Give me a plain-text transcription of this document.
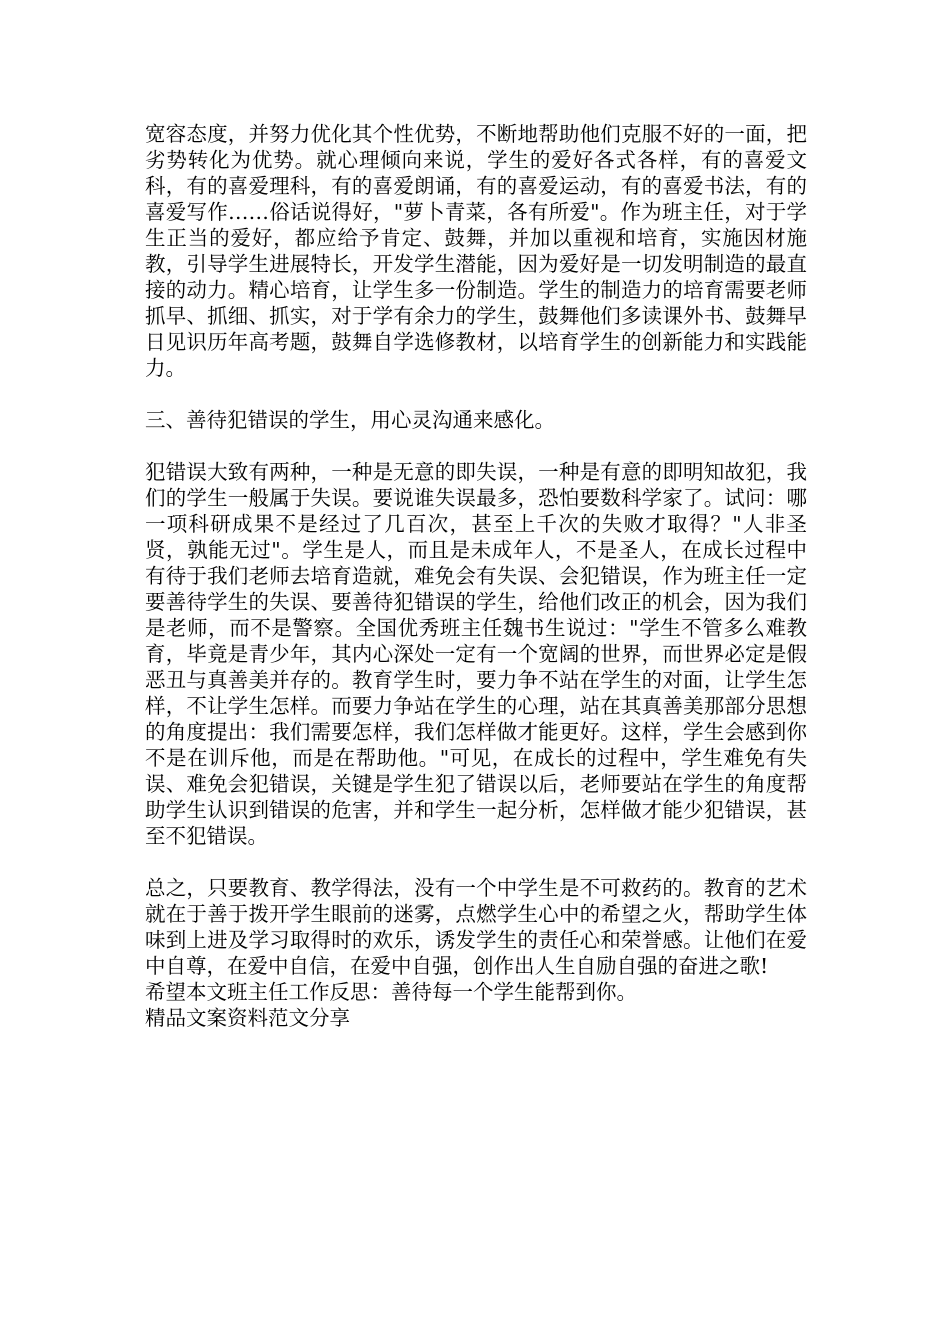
宽容态度，并努力优化其个性优势，不断地帮助他们克服不好的一面，把劣势转化为优势。就心理倾向来说，学生的爱好各式各样，有的喜爱文科，有的喜爱理科，有的喜爱朗诵，有的喜爱运动，有的喜爱书法，有的喜爱写作……俗话说得好，"萝卜青菜，各有所爱"。作为班主任，对于学生正当的爱好，都应给予肯定、鼓舞，并加以重视和培育，实施因材施教，引导学生进展特长，开发学生潜能，因为爱好是一切发明制造的最直接的动力。精心培育，让学生多一份制造。学生的制造力的培育需要老师抓早、抓细、抓实，对于学有余力的学生，鼓舞他们多读课外书、鼓舞早日见识历年高考题，鼓舞自学选修教材，以培育学生的创新能力和实践能力。

三、善待犯错误的学生，用心灵沟通来感化。

犯错误大致有两种，一种是无意的即失误，一种是有意的即明知故犯，我们的学生一般属于失误。要说谁失误最多，恐怕要数科学家了。试问：哪一项科研成果不是经过了几百次，甚至上千次的失败才取得？"人非圣贤，孰能无过"。学生是人，而且是未成年人，不是圣人，在成长过程中有待于我们老师去培育造就，难免会有失误、会犯错误，作为班主任一定要善待学生的失误、要善待犯错误的学生，给他们改正的机会，因为我们是老师，而不是警察。全国优秀班主任魏书生说过："学生不管多么难教育，毕竟是青少年，其内心深处一定有一个宽阔的世界，而世界必定是假恶丑与真善美并存的。教育学生时，要力争不站在学生的对面，让学生怎样，不让学生怎样。而要力争站在学生的心理，站在其真善美那部分思想的角度提出：我们需要怎样，我们怎样做才能更好。这样，学生会感到你不是在训斥他，而是在帮助他。"可见，在成长的过程中，学生难免有失误、难免会犯错误，关键是学生犯了错误以后，老师要站在学生的角度帮助学生认识到错误的危害，并和学生一起分析，怎样做才能少犯错误，甚至不犯错误。

总之，只要教育、教学得法，没有一个中学生是不可救药的。教育的艺术就在于善于拨开学生眼前的迷雾，点燃学生心中的希望之火，帮助学生体味到上进及学习取得时的欢乐，诱发学生的责任心和荣誉感。让他们在爱中自尊，在爱中自信，在爱中自强，创作出人生自励自强的奋进之歌!

希望本文班主任工作反思：善待每一个学生能帮到你。
精品文案资料范文分享
